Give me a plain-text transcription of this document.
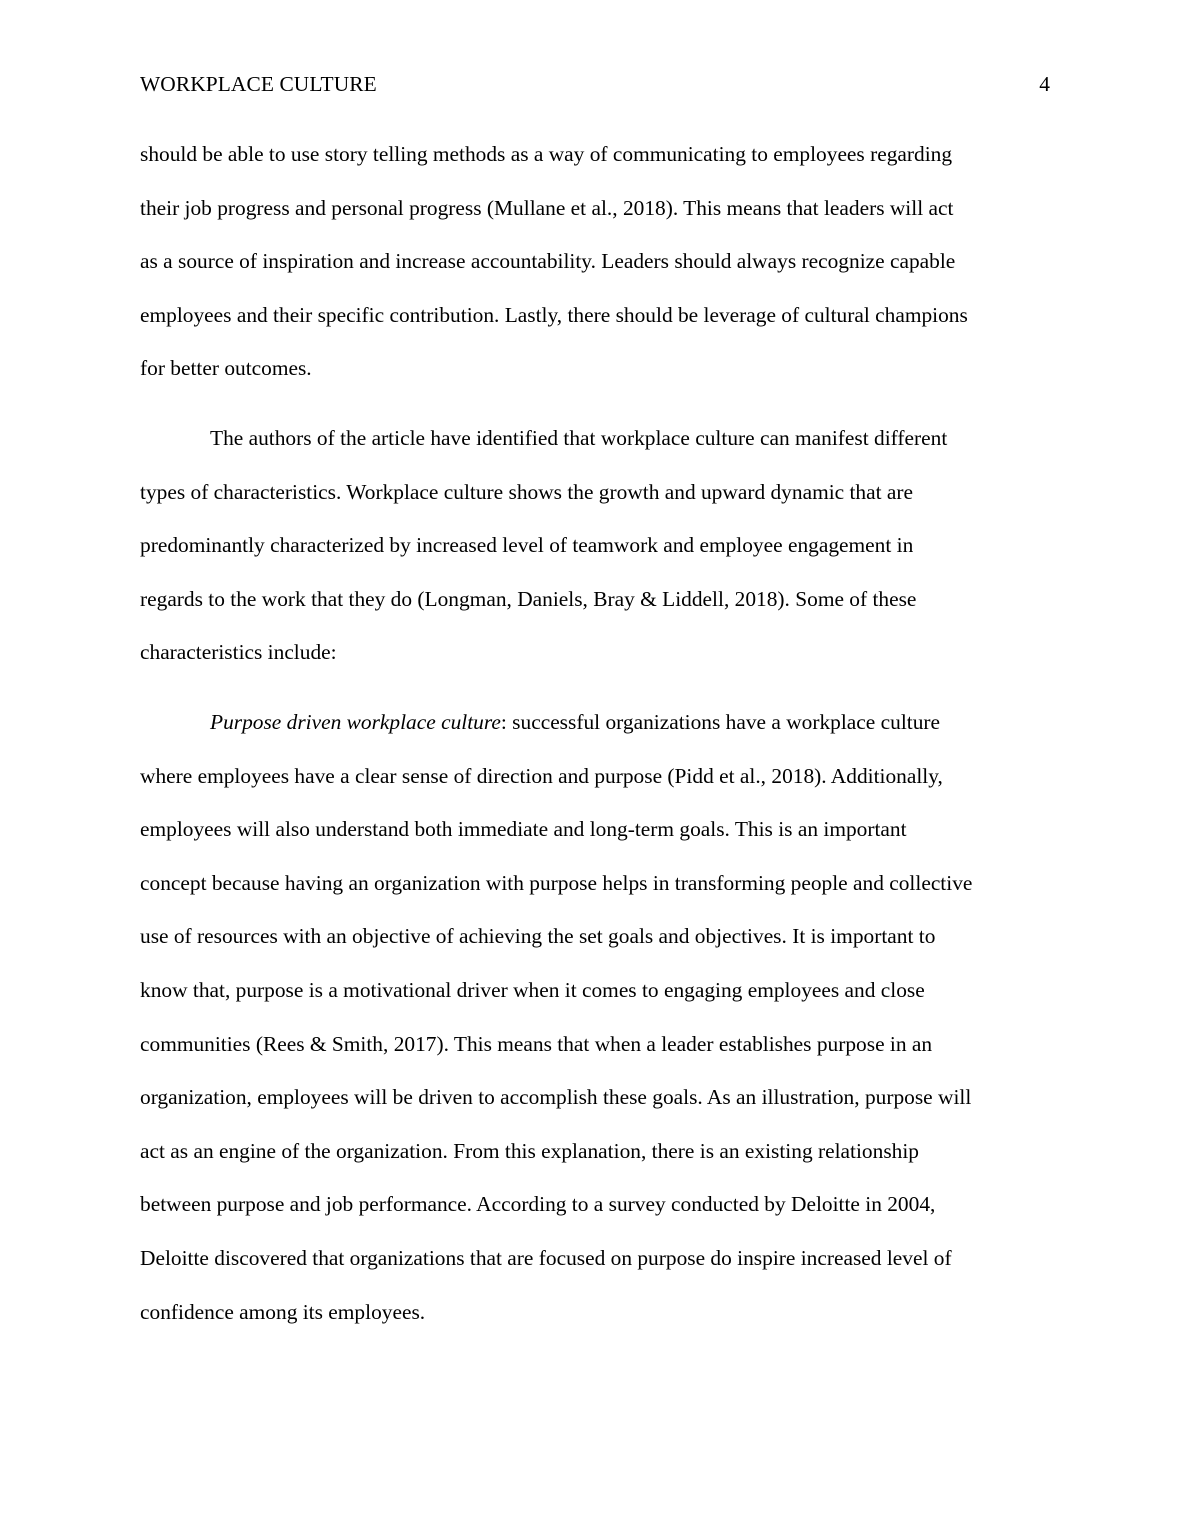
WORKPLACE CULTURE	4
should be able to use story telling methods as a way of communicating to employees regarding
their job progress and personal progress (Mullane et al., 2018). This means that leaders will act
as a source of inspiration and increase accountability. Leaders should always recognize capable
employees and their specific contribution. Lastly, there should be leverage of cultural champions
for better outcomes.
The authors of the article have identified that workplace culture can manifest different
types of characteristics. Workplace culture shows the growth and upward dynamic that are
predominantly characterized by increased level of teamwork and employee engagement in
regards to the work that they do (Longman, Daniels, Bray & Liddell, 2018). Some of these
characteristics include:
Purpose driven workplace culture: successful organizations have a workplace culture
where employees have a clear sense of direction and purpose (Pidd et al., 2018). Additionally,
employees will also understand both immediate and long-term goals. This is an important
concept because having an organization with purpose helps in transforming people and collective
use of resources with an objective of achieving the set goals and objectives. It is important to
know that, purpose is a motivational driver when it comes to engaging employees and close
communities (Rees & Smith, 2017). This means that when a leader establishes purpose in an
organization, employees will be driven to accomplish these goals. As an illustration, purpose will
act as an engine of the organization. From this explanation, there is an existing relationship
between purpose and job performance. According to a survey conducted by Deloitte in 2004,
Deloitte discovered that organizations that are focused on purpose do inspire increased level of
confidence among its employees.
